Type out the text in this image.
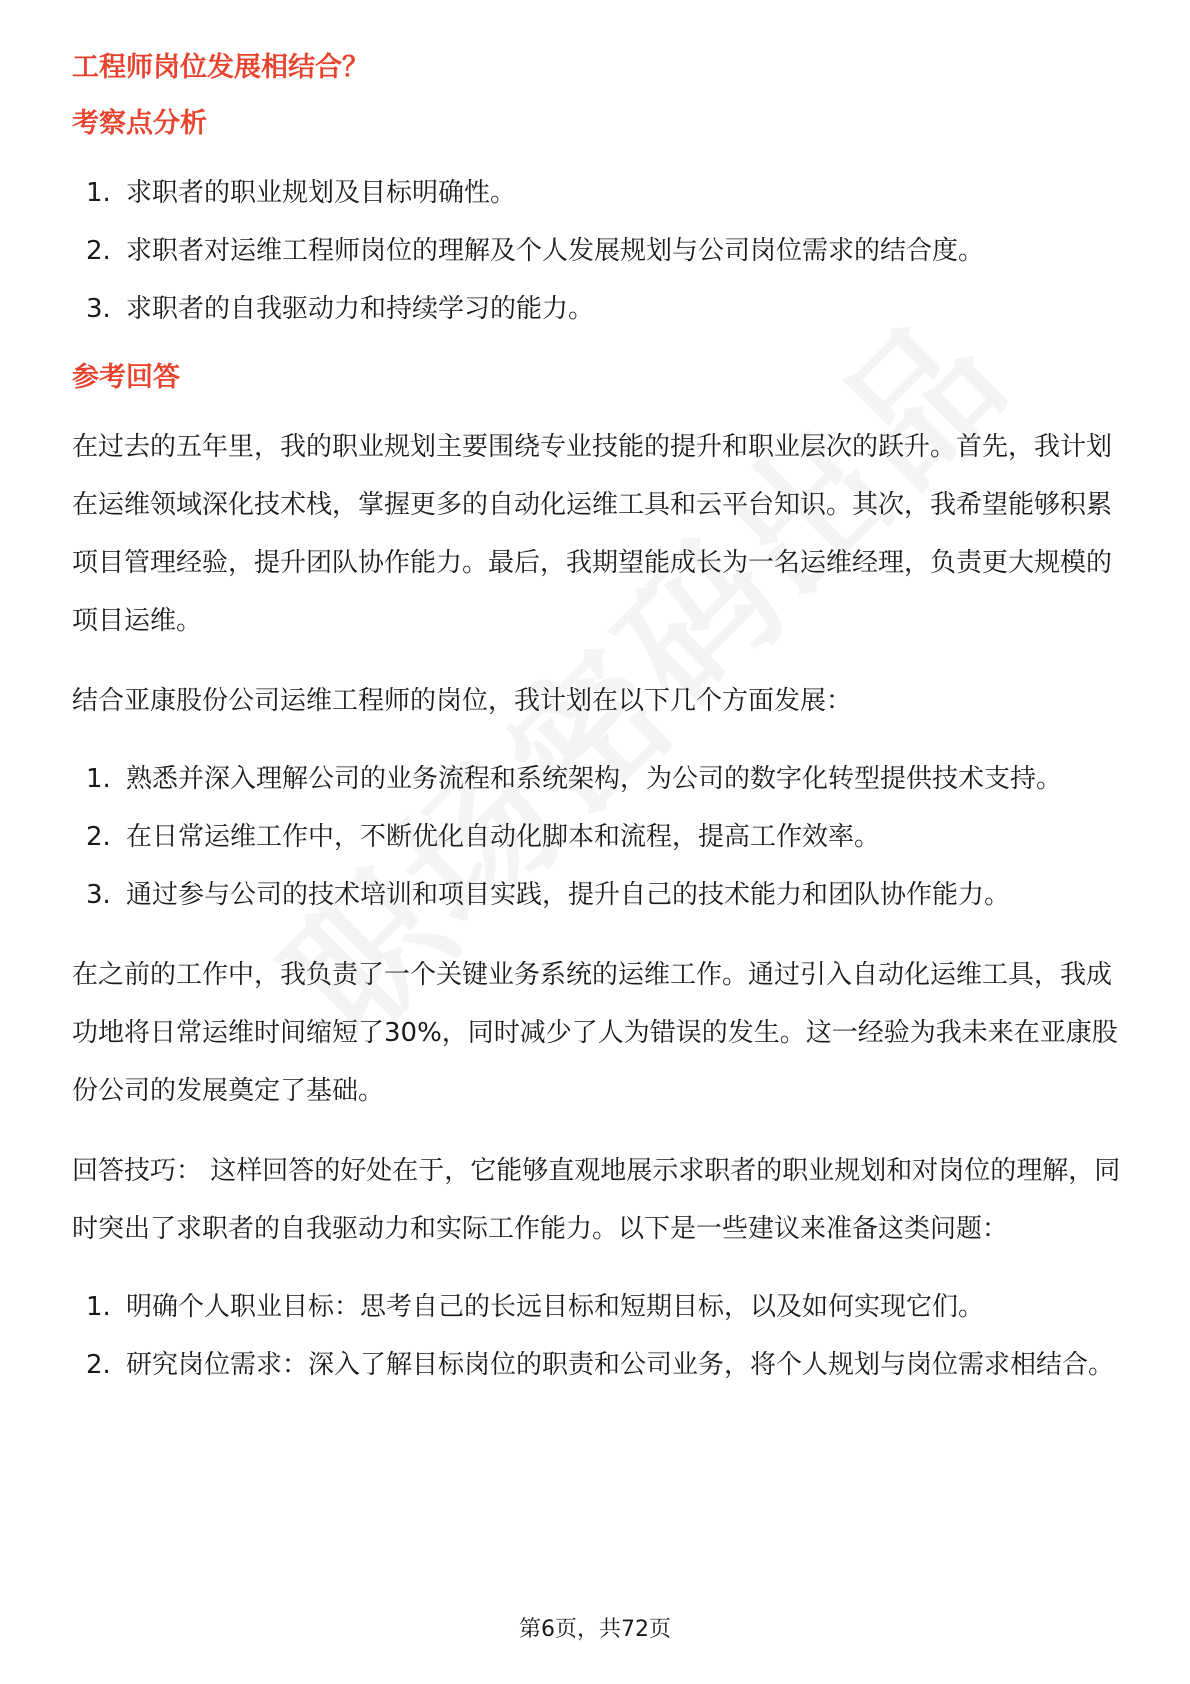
工程师岗位发展相结合？
考察点分析
1. 求职者的职业规划及目标明确性。
2. 求职者对运维工程师岗位的理解及个人发展规划与公司岗位需求的结合度。
3. 求职者的自我驱动力和持续学习的能力。
参考回答

在过去的五年里，我的职业规划主要围绕专业技能的提升和职业层次的跃升。首先，我计划在运维领域深化技术栈，掌握更多的自动化运维工具和云平台知识。其次，我希望能够积累项目管理经验，提升团队协作能力。最后，我期望能成长为一名运维经理，负责更大规模的项目运维。

结合亚康股份公司运维工程师的岗位，我计划在以下几个方面发展：

1. 熟悉并深入理解公司的业务流程和系统架构，为公司的数字化转型提供技术支持。
2. 在日常运维工作中，不断优化自动化脚本和流程，提高工作效率。
3. 通过参与公司的技术培训和项目实践，提升自己的技术能力和团队协作能力。

在之前的工作中，我负责了一个关键业务系统的运维工作。通过引入自动化运维工具，我成功地将日常运维时间缩短了30%，同时减少了人为错误的发生。这一经验为我未来在亚康股份公司的发展奠定了基础。

回答技巧： 这样回答的好处在于，它能够直观地展示求职者的职业规划和对岗位的理解，同时突出了求职者的自我驱动力和实际工作能力。以下是一些建议来准备这类问题：

1. 明确个人职业目标：思考自己的长远目标和短期目标，以及如何实现它们。
2. 研究岗位需求：深入了解目标岗位的职责和公司业务，将个人规划与岗位需求相结合。
第6页，共72页
